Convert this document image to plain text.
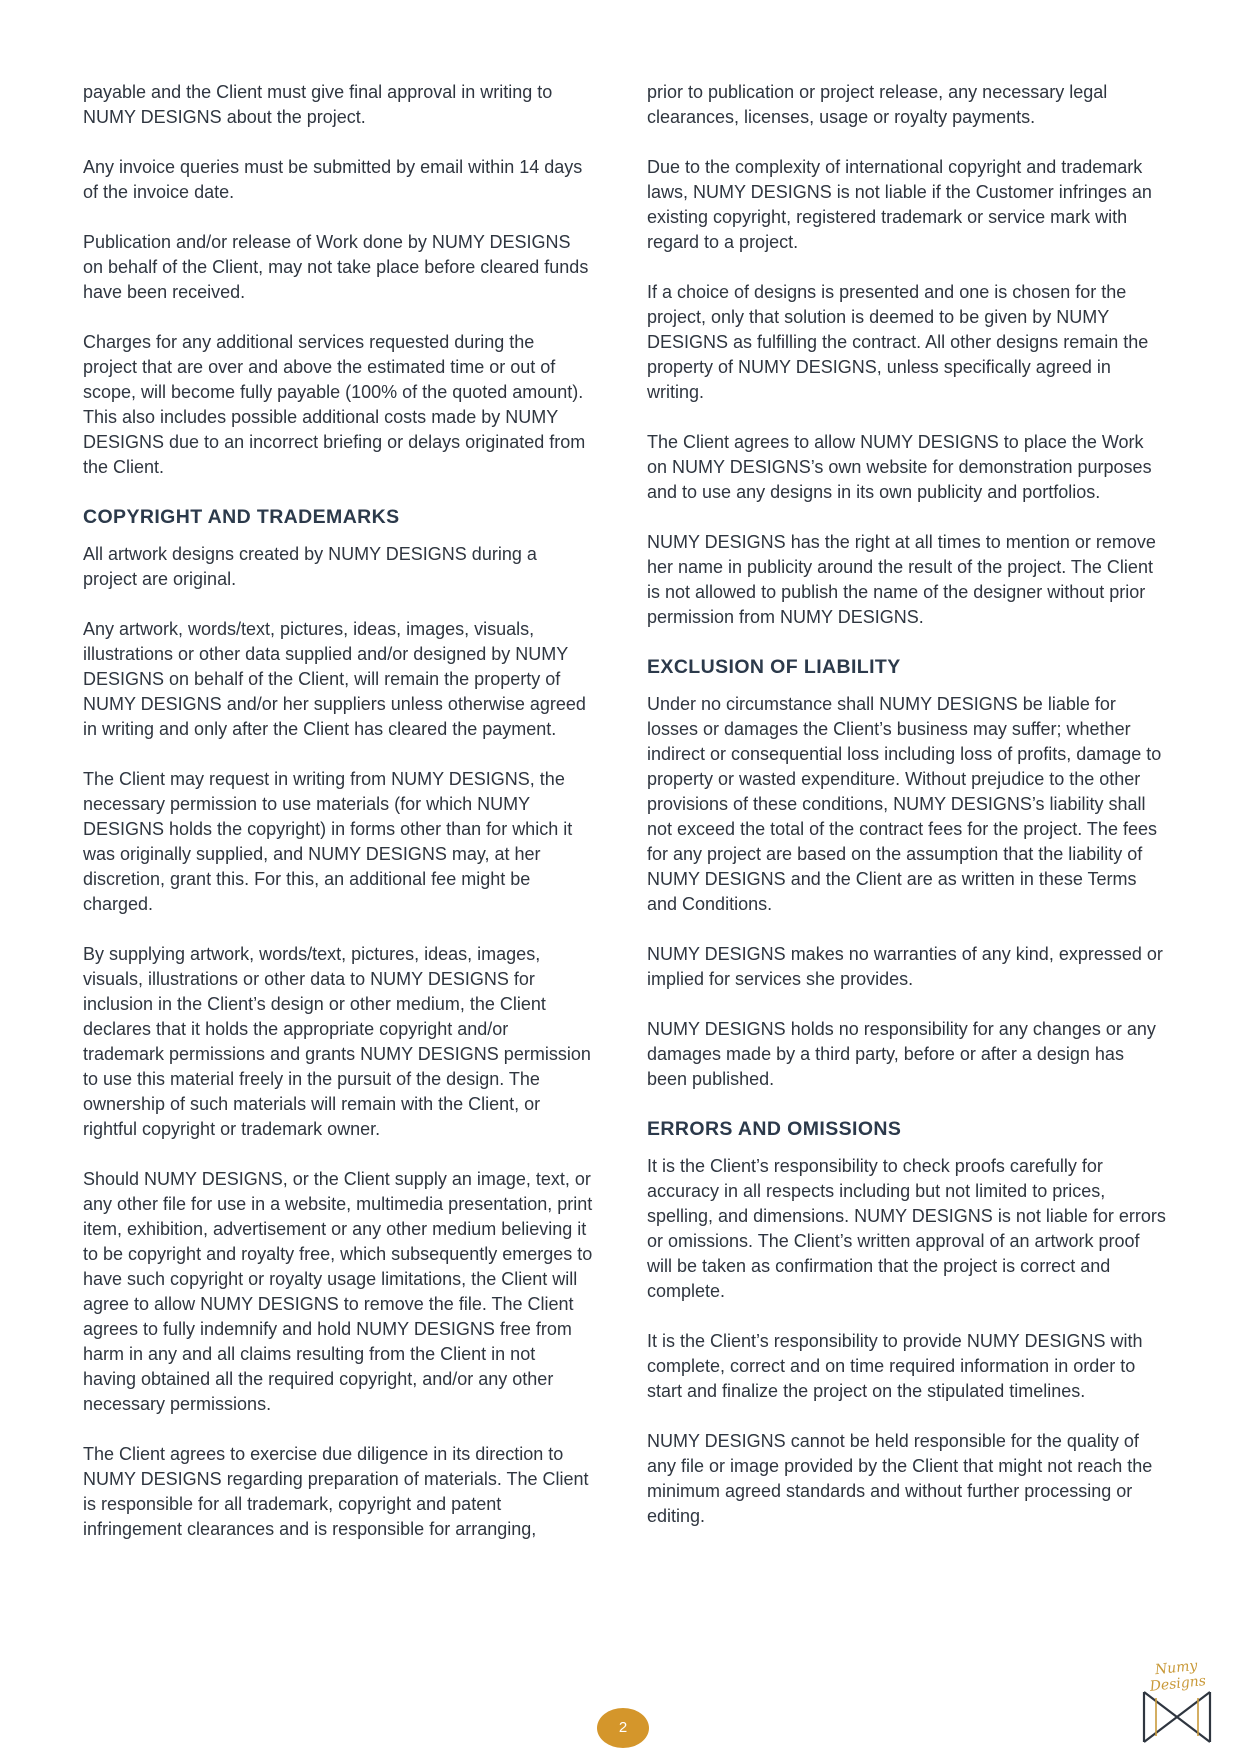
payable and the Client must give final approval in writing to NUMY DESIGNS about the project.

Any invoice queries must be submitted by email within 14 days of the invoice date.

Publication and/or release of Work done by NUMY DESIGNS on behalf of the Client, may not take place before cleared funds have been received.

Charges for any additional services requested during the project that are over and above the estimated time or out of scope, will become fully payable (100% of the quoted amount). This also includes possible additional costs made by NUMY DESIGNS due to an incorrect briefing or delays originated from the Client.

COPYRIGHT AND TRADEMARKS

All artwork designs created by NUMY DESIGNS during a project are original.

Any artwork, words/text, pictures, ideas, images, visuals, illustrations or other data supplied and/or designed by NUMY DESIGNS on behalf of the Client, will remain the property of NUMY DESIGNS and/or her suppliers unless otherwise agreed in writing and only after the Client has cleared the payment.

The Client may request in writing from NUMY DESIGNS, the necessary permission to use materials (for which NUMY DESIGNS holds the copyright) in forms other than for which it was originally supplied, and NUMY DESIGNS may, at her discretion, grant this. For this, an additional fee might be charged.

By supplying artwork, words/text, pictures, ideas, images, visuals, illustrations or other data to NUMY DESIGNS for inclusion in the Client’s design or other medium, the Client declares that it holds the appropriate copyright and/or trademark permissions and grants NUMY DESIGNS permission to use this material freely in the pursuit of the design. The ownership of such materials will remain with the Client, or rightful copyright or trademark owner.

Should NUMY DESIGNS, or the Client supply an image, text, or any other file for use in a website, multimedia presentation, print item, exhibition, advertisement or any other medium believing it to be copyright and royalty free, which subsequently emerges to have such copyright or royalty usage limitations, the Client will agree to allow NUMY DESIGNS to remove the file. The Client agrees to fully indemnify and hold NUMY DESIGNS free from harm in any and all claims resulting from the Client in not having obtained all the required copyright, and/or any other necessary permissions.

The Client agrees to exercise due diligence in its direction to NUMY DESIGNS regarding preparation of materials. The Client is responsible for all trademark, copyright and patent infringement clearances and is responsible for arranging,

prior to publication or project release, any necessary legal clearances, licenses, usage or royalty payments.

Due to the complexity of international copyright and trademark laws, NUMY DESIGNS is not liable if the Customer infringes an existing copyright, registered trademark or service mark with regard to a project.

If a choice of designs is presented and one is chosen for the project, only that solution is deemed to be given by NUMY DESIGNS as fulfilling the contract. All other designs remain the property of NUMY DESIGNS, unless specifically agreed in writing.

The Client agrees to allow NUMY DESIGNS to place the Work on NUMY DESIGNS’s own website for demonstration purposes and to use any designs in its own publicity and portfolios.

NUMY DESIGNS has the right at all times to mention or remove her name in publicity around the result of the project. The Client is not allowed to publish the name of the designer without prior permission from NUMY DESIGNS.

EXCLUSION OF LIABILITY

Under no circumstance shall NUMY DESIGNS be liable for losses or damages the Client’s business may suffer; whether indirect or consequential loss including loss of profits, damage to property or wasted expenditure. Without prejudice to the other provisions of these conditions, NUMY DESIGNS’s liability shall not exceed the total of the contract fees for the project. The fees for any project are based on the assumption that the liability of NUMY DESIGNS and the Client are as written in these Terms and Conditions.

NUMY DESIGNS makes no warranties of any kind, expressed or implied for services she provides.

NUMY DESIGNS holds no responsibility for any changes or any damages made by a third party, before or after a design has been published.

ERRORS AND OMISSIONS

It is the Client’s responsibility to check proofs carefully for accuracy in all respects including but not limited to prices, spelling, and dimensions. NUMY DESIGNS is not liable for errors or omissions. The Client’s written approval of an artwork proof will be taken as confirmation that the project is correct and complete.

It is the Client’s responsibility to provide NUMY DESIGNS with complete, correct and on time required information in order to start and finalize the project on the stipulated timelines.

NUMY DESIGNS cannot be held responsible for the quality of any file or image provided by the Client that might not reach the minimum agreed standards and without further processing or editing.

2
Numy Designs
